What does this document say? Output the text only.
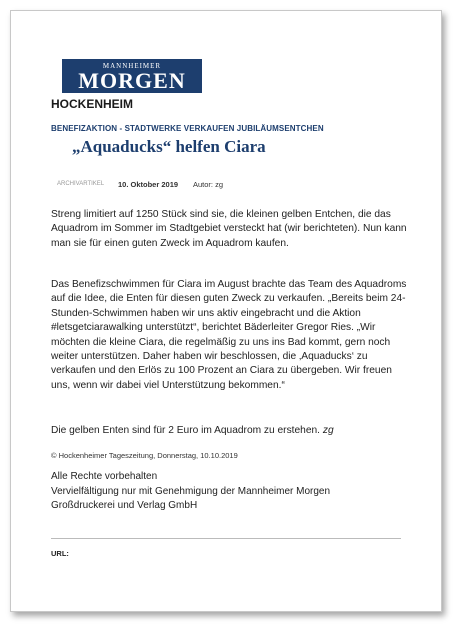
MANNHEIMER
MORGEN
HOCKENHEIM
BENEFIZAKTION - STADTWERKE VERKAUFEN JUBILÄUMSENTCHEN
„Aquaducks“ helfen Ciara
ARCHIVARTIKEL 10. Oktober 2019 Autor: zg

Streng limitiert auf 1250 Stück sind sie, die kleinen gelben Entchen, die das Aquadrom im Sommer im Stadtgebiet versteckt hat (wir berichteten). Nun kann man sie für einen guten Zweck im Aquadrom kaufen.

Das Benefizschwimmen für Ciara im August brachte das Team des Aquadroms auf die Idee, die Enten für diesen guten Zweck zu verkaufen. „Bereits beim 24-Stunden-Schwimmen haben wir uns aktiv eingebracht und die Aktion #letsgetciarawalking unterstützt“, berichtet Bäderleiter Gregor Ries. „Wir möchten die kleine Ciara, die regelmäßig zu uns ins Bad kommt, gern noch weiter unterstützen. Daher haben wir beschlossen, die ‚Aquaducks‘ zu verkaufen und den Erlös zu 100 Prozent an Ciara zu übergeben. Wir freuen uns, wenn wir dabei viel Unterstützung bekommen.“

Die gelben Enten sind für 2 Euro im Aquadrom zu erstehen. zg

© Hockenheimer Tageszeitung, Donnerstag, 10.10.2019
Alle Rechte vorbehalten
Vervielfältigung nur mit Genehmigung der Mannheimer Morgen
Großdruckerei und Verlag GmbH
URL:
